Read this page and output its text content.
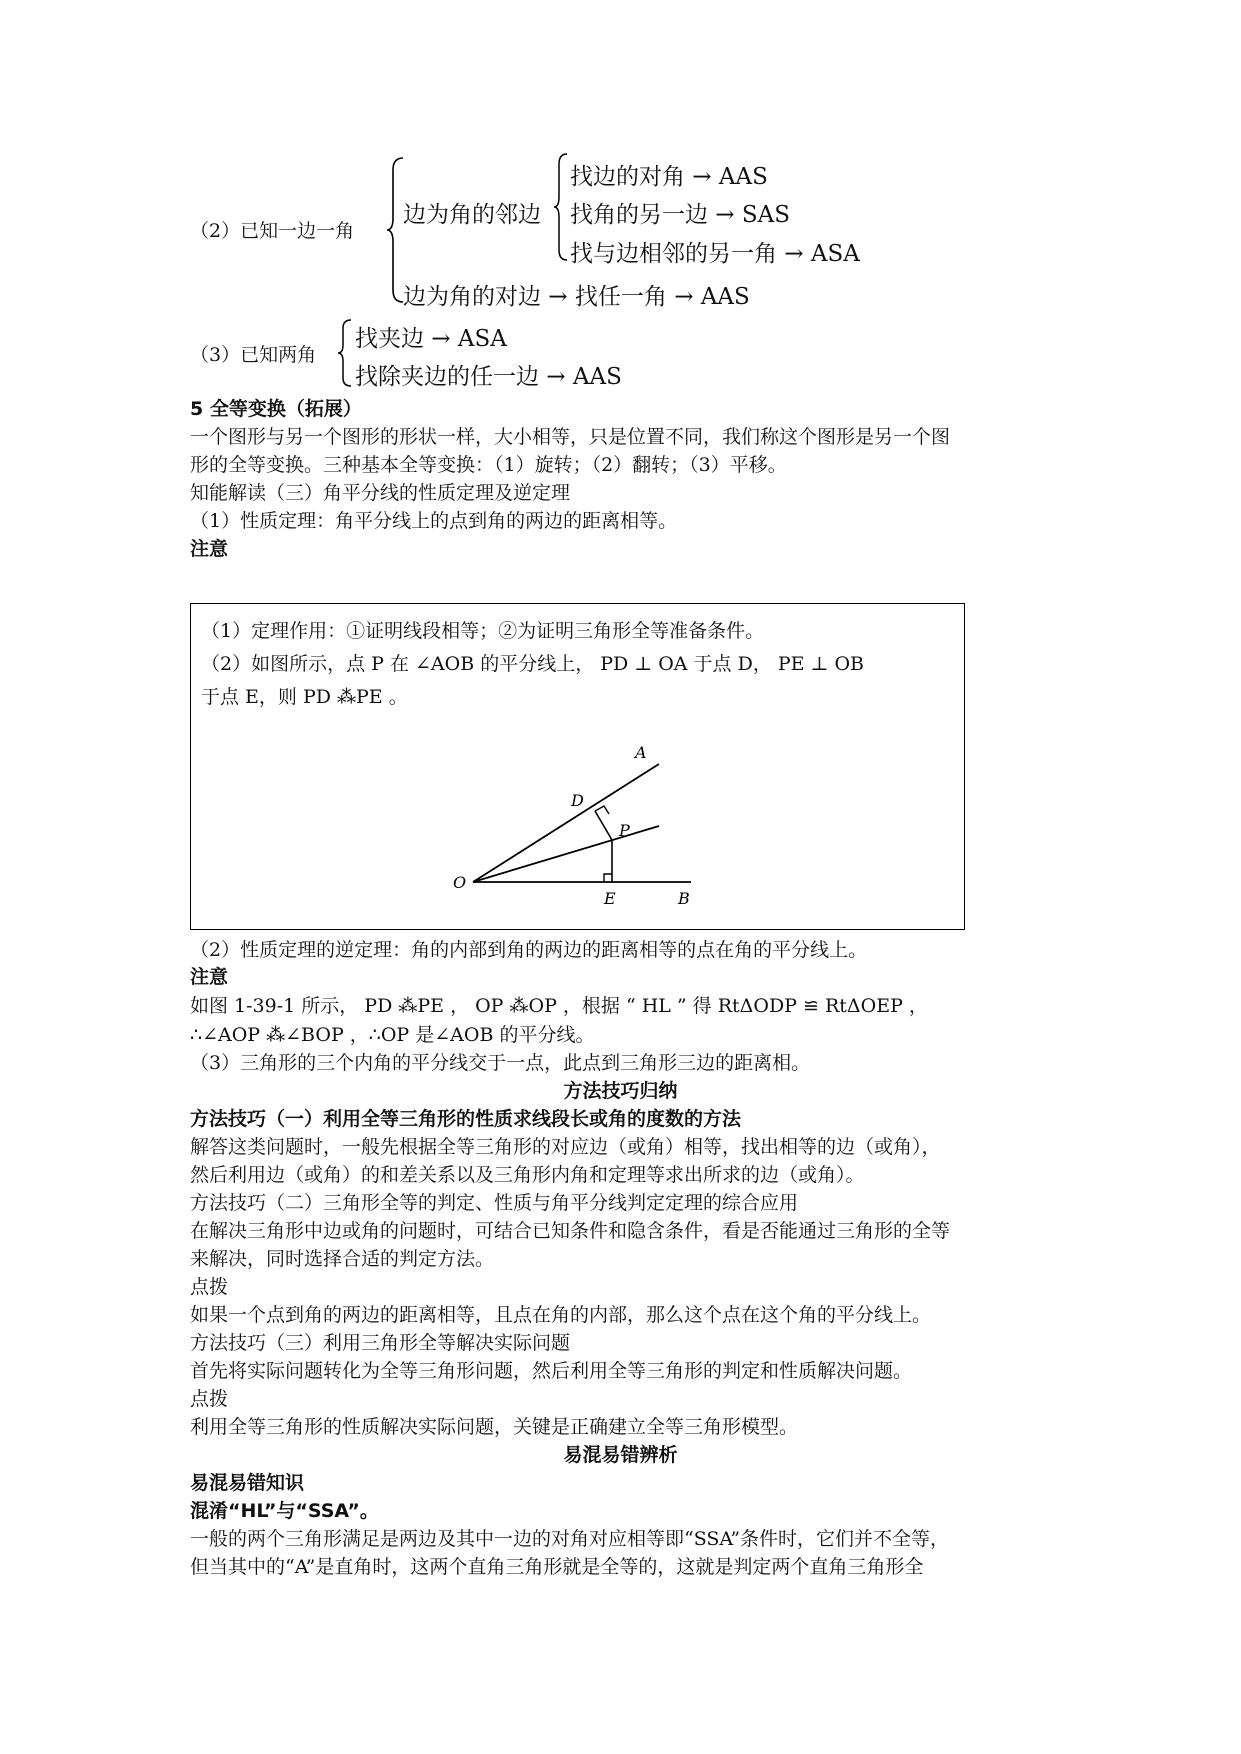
（2）已知一边一角
边为角的邻边
找边的对角 → AAS
找角的另一边 → SAS
找与边相邻的另一角 → ASA
边为角的对边 → 找任一角 → AAS
（3）已知两角
找夹边 → ASA
找除夹边的任一边 → AAS
5 全等变换（拓展）
一个图形与另一个图形的形状一样，大小相等，只是位置不同，我们称这个图形是另一个图
形的全等变换。三种基本全等变换：（1）旋转；（2）翻转；（3）平移。
知能解读（三）角平分线的性质定理及逆定理
（1）性质定理：角平分线上的点到角的两边的距离相等。
注意
（1）定理作用：①证明线段相等；②为证明三角形全等准备条件。
（2）如图所示，点 P 在 ∠AOB 的平分线上， PD ⊥ OA 于点 D， PE ⊥ OB
于点 E，则 PD ⁂PE 。
A
D
P
O
E	B
（2）性质定理的逆定理：角的内部到角的两边的距离相等的点在角的平分线上。
注意
如图 1-39-1 所示， PD ⁂PE ， OP ⁂OP ，根据 “ HL ” 得 RtΔODP ≌ RtΔOEP ，
∴∠AOP ⁂∠BOP ，∴OP 是∠AOB 的平分线。
（3）三角形的三个内角的平分线交于一点，此点到三角形三边的距离相。
方法技巧归纳
方法技巧（一）利用全等三角形的性质求线段长或角的度数的方法
解答这类问题时，一般先根据全等三角形的对应边（或角）相等，找出相等的边（或角），
然后利用边（或角）的和差关系以及三角形内角和定理等求出所求的边（或角）。
方法技巧（二）三角形全等的判定、性质与角平分线判定定理的综合应用
在解决三角形中边或角的问题时，可结合已知条件和隐含条件，看是否能通过三角形的全等
来解决，同时选择合适的判定方法。
点拨
如果一个点到角的两边的距离相等，且点在角的内部，那么这个点在这个角的平分线上。
方法技巧（三）利用三角形全等解决实际问题
首先将实际问题转化为全等三角形问题，然后利用全等三角形的判定和性质解决问题。
点拨
利用全等三角形的性质解决实际问题，关键是正确建立全等三角形模型。
易混易错辨析
易混易错知识
混淆“HL”与“SSA”。
一般的两个三角形满足是两边及其中一边的对角对应相等即“SSA”条件时，它们并不全等，
但当其中的“A”是直角时，这两个直角三角形就是全等的，这就是判定两个直角三角形全
